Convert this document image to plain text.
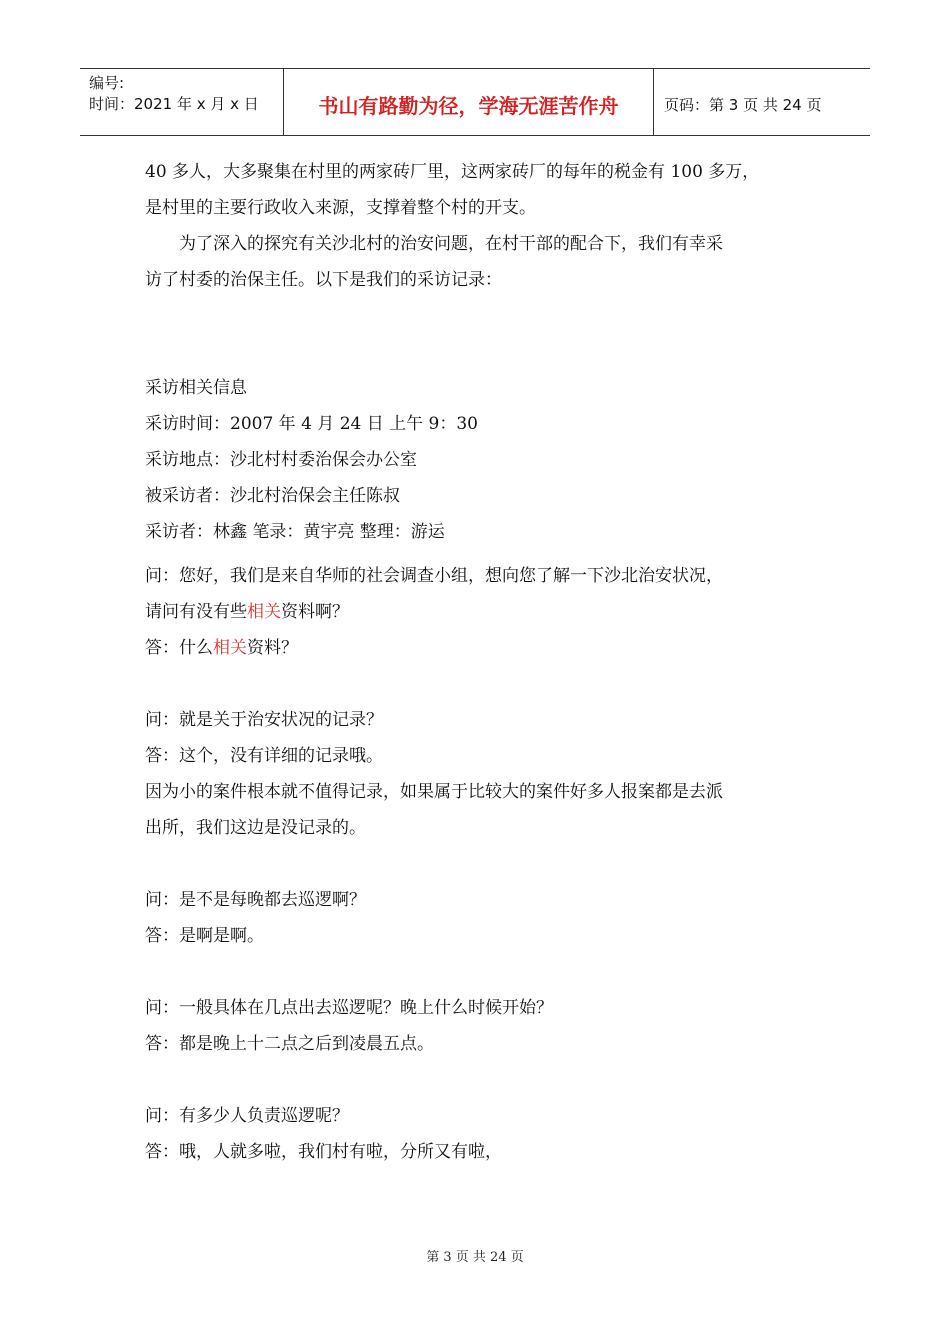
编号:
时间：2021 年 x 月 x 日	书山有路勤为径，学海无涯苦作舟	页码：第 3 页 共 24 页

40 多人，大多聚集在村里的两家砖厂里，这两家砖厂的每年的税金有 100 多万，

是村里的主要行政收入来源，支撑着整个村的开支。

为了深入的探究有关沙北村的治安问题，在村干部的配合下，我们有幸采

访了村委的治保主任。以下是我们的采访记录：

采访相关信息

采访时间：2007 年 4 月 24 日 上午 9：30

采访地点：沙北村村委治保会办公室

被采访者：沙北村治保会主任陈叔

采访者：林鑫 笔录：黄宇亮 整理：游运

问：您好，我们是来自华师的社会调查小组，想向您了解一下沙北治安状况，

请问有没有些相关资料啊？

答：什么相关资料？

问：就是关于治安状况的记录？

答：这个，没有详细的记录哦。

因为小的案件根本就不值得记录，如果属于比较大的案件好多人报案都是去派

出所，我们这边是没记录的。

问：是不是每晚都去巡逻啊？

答：是啊是啊。

问：一般具体在几点出去巡逻呢？晚上什么时候开始？

答：都是晚上十二点之后到凌晨五点。

问：有多少人负责巡逻呢？

答：哦，人就多啦，我们村有啦，分所又有啦，

第 3 页 共 24 页
